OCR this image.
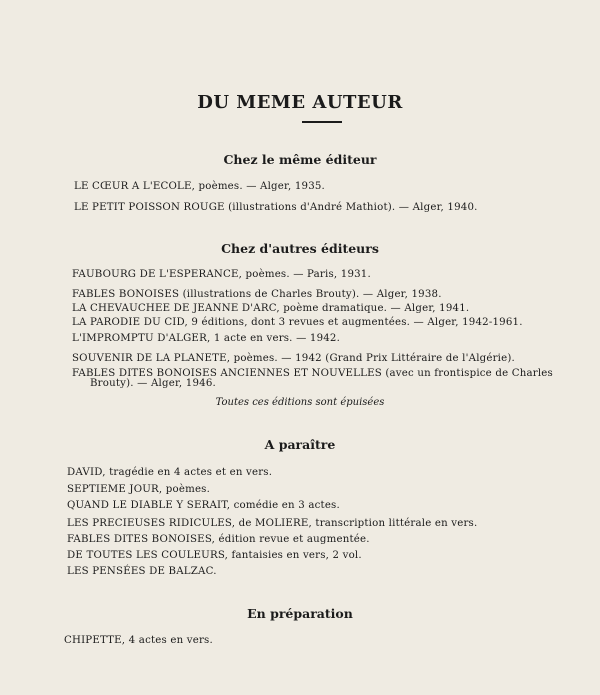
DU MEME AUTEUR
Chez le même éditeur
LE CŒUR A L'ECOLE, poèmes. — Alger, 1935.
LE PETIT POISSON ROUGE (illustrations d'André Mathiot). — Alger, 1940.
Chez d'autres éditeurs
FAUBOURG DE L'ESPERANCE, poèmes. — Paris, 1931.
FABLES BONOISES (illustrations de Charles Brouty). — Alger, 1938.
LA CHEVAUCHEE DE JEANNE D'ARC, poème dramatique. — Alger, 1941.
LA PARODIE DU CID, 9 éditions, dont 3 revues et augmentées. — Alger, 1942-1961.
L'IMPROMPTU D'ALGER, 1 acte en vers. — 1942.
SOUVENIR DE LA PLANETE, poèmes. — 1942 (Grand Prix Littéraire de l'Algérie).
FABLES DITES BONOISES ANCIENNES ET NOUVELLES (avec un frontispice de Charles
Brouty). — Alger, 1946.
Toutes ces éditions sont épuisées
A paraître
DAVID, tragédie en 4 actes et en vers.
SEPTIEME JOUR, poèmes.
QUAND LE DIABLE Y SERAIT, comédie en 3 actes.
LES PRECIEUSES RIDICULES, de MOLIERE, transcription littérale en vers.
FABLES DITES BONOISES, édition revue et augmentée.
DE TOUTES LES COULEURS, fantaisies en vers, 2 vol.
LES PENSÉES DE BALZAC.
En préparation
CHIPETTE, 4 actes en vers.
